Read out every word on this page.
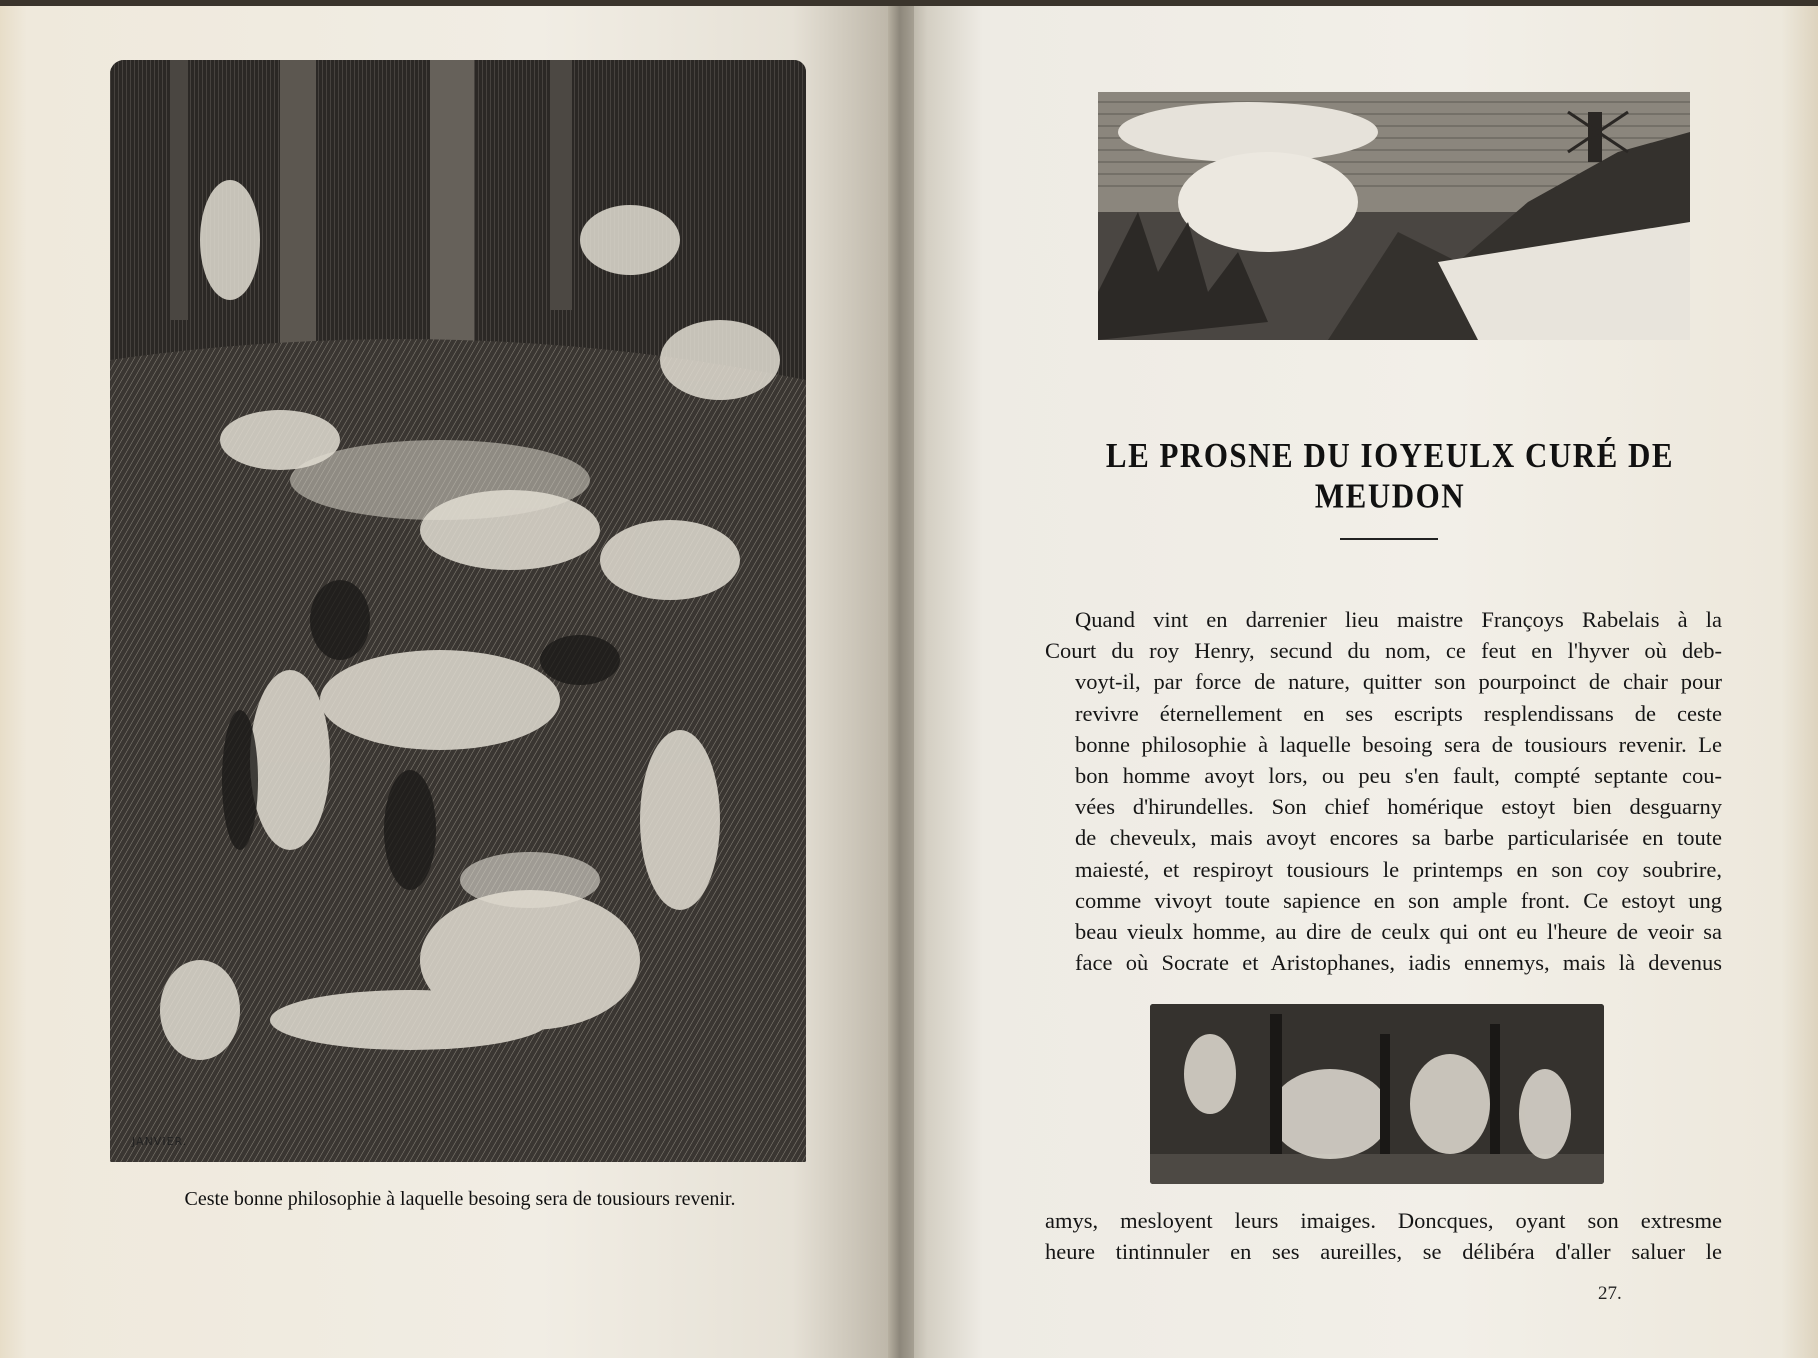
JANVIER.
Ceste bonne philosophie à laquelle besoing sera de tousiours revenir.
LE PROSNE DU IOYEULX CURÉ DE MEUDON
Quand vint en darrenier lieu maistre Françoys Rabelais à la
Court du roy Henry, secund du nom, ce feut en l'hyver où deb-
voyt-il, par force de nature, quitter son pourpoinct de chair pour
revivre éternellement en ses escripts resplendissans de ceste
bonne philosophie à laquelle besoing sera de tousiours revenir. Le
bon homme avoyt lors, ou peu s'en fault, compté septante cou-
vées d'hirundelles. Son chief homérique estoyt bien desguarny
de cheveulx, mais avoyt encores sa barbe particularisée en toute
maiesté, et respiroyt tousiours le printemps en son coy soubrire,
comme vivoyt toute sapience en son ample front. Ce estoyt ung
beau vieulx homme, au dire de ceulx qui ont eu l'heure de veoir sa
face où Socrate et Aristophanes, iadis ennemys, mais là devenus
amys, mesloyent leurs imaiges. Doncques, oyant son extresme
heure tintinnuler en ses aureilles, se délibéra d'aller saluer le
27.
